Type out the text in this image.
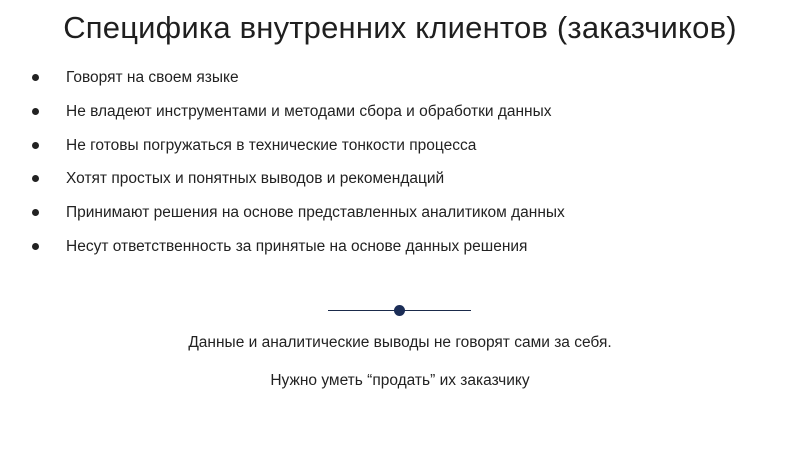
Специфика внутренних клиентов (заказчиков)
Говорят на своем языке
Не владеют инструментами и методами сбора и обработки данных
Не готовы погружаться в технические тонкости процесса
Хотят простых и понятных выводов и рекомендаций
Принимают решения на основе представленных аналитиком данных
Несут ответственность за принятые на основе данных решения
Данные и аналитические выводы не говорят сами за себя.
Нужно уметь “продать” их заказчику
